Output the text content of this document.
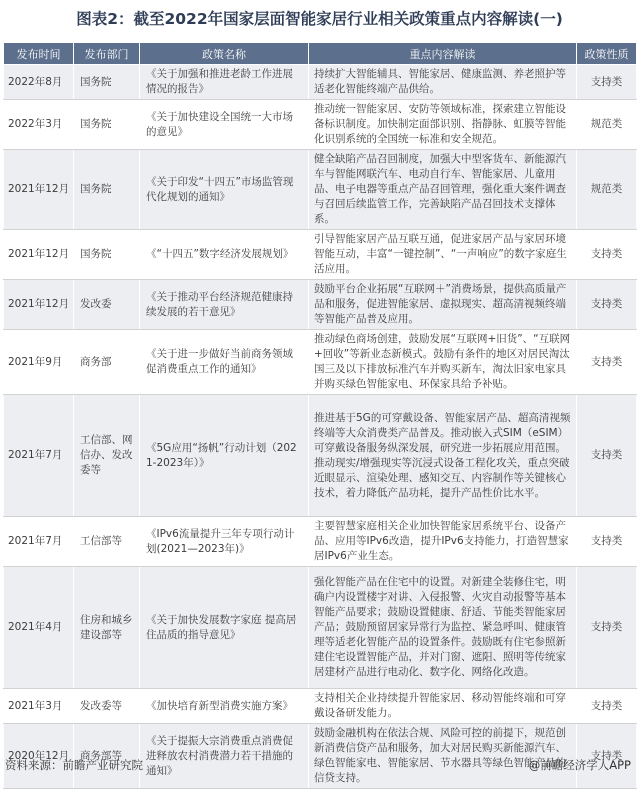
图表2：截至2022年国家层面智能家居行业相关政策重点内容解读(一)
发布时间	发布部门	政策名称	重点内容解读	政策性质
2022年8月	国务院	《关于加强和推进老龄工作进展情况的报告》	持续扩大智能辅具、智能家居、健康监测、养老照护等适老化智能终端产品供给。	支持类
2022年3月	国务院	《关于加快建设全国统一大市场的意见》	推动统一智能家居、安防等领域标准，探索建立智能设备标识制度。加快制定面部识别、指静脉、虹膜等智能化识别系统的全国统一标准和安全规范。	规范类
2021年12月	国务院	《关于印发“十四五”市场监管现代化规划的通知》	健全缺陷产品召回制度，加强大中型客货车、新能源汽车与智能网联汽车、电动自行车、智能家居、儿童用品、电子电器等重点产品召回管理，强化重大案件调查与召回后续监管工作，完善缺陷产品召回技术支撑体系。	规范类
2021年12月	国务院	《“十四五”数字经济发展规划》	引导智能家居产品互联互通，促进家居产品与家居环境智能互动，丰富“一键控制”、“一声响应”的数字家庭生活应用。	支持类
2021年12月	发改委	《关于推动平台经济规范健康持续发展的若干意见》	鼓励平台企业拓展“互联网＋”消费场景，提供高质量产品和服务，促进智能家居、虚拟现实、超高清视频终端等智能产品普及应用。	支持类
2021年9月	商务部	《关于进一步做好当前商务领域促消费重点工作的通知》	推动绿色商场创建，鼓励发展“互联网+旧货”、“互联网+回收”等新业态新模式。鼓励有条件的地区对居民淘汰国三及以下排放标准汽车并购买新车，淘汰旧家电家具并购买绿色智能家电、环保家具给予补贴。	支持类
2021年7月	工信部、网信办、发改委等	《5G应用“扬帆”行动计划（2021-2023年）》	推进基于5G的可穿戴设备、智能家居产品、超高清视频终端等大众消费类产品普及。推动嵌入式SIM（eSIM）可穿戴设备服务纵深发展，研究进一步拓展应用范围。推动现实/增强现实等沉浸式设备工程化攻关，重点突破近眼显示、渲染处理、感知交互、内容制作等关键核心技术，着力降低产品功耗，提升产品性价比水平。	支持类
2021年7月	工信部等	《IPv6流量提升三年专项行动计划(2021—2023年)》	主要智慧家庭相关企业加快智能家居系统平台、设备产品、应用等IPv6改造，提升IPv6支持能力，打造智慧家居IPv6产业生态。	支持类
2021年4月	住房和城乡建设部等	《关于加快发展数字家庭 提高居住品质的指导意见》	强化智能产品在住宅中的设置。对新建全装修住宅，明确户内设置楼宇对讲、入侵报警、火灾自动报警等基本智能产品要求；鼓励设置健康、舒适、节能类智能家居产品；鼓励预留居家异常行为监控、紧急呼叫、健康管理等适老化智能产品的设置条件。鼓励既有住宅参照新建住宅设置智能产品，并对门窗、遮阳、照明等传统家居建材产品进行电动化、数字化、网络化改造。	支持类
2021年3月	发改委等	《加快培育新型消费实施方案》	支持相关企业持续提升智能家居、移动智能终端和可穿戴设备研发能力。	支持类
2020年12月	商务部等	《关于提振大宗消费重点消费促进释放农村消费潜力若干措施的通知》	鼓励金融机构在依法合规、风险可控的前提下，规范创新消费信贷产品和服务，加大对居民购买新能源汽车、绿色智能家电、智能家居、节水器具等绿色智能产品的信贷支持。	支持类
资料来源：前瞻产业研究院	@前瞻经济学人APP
